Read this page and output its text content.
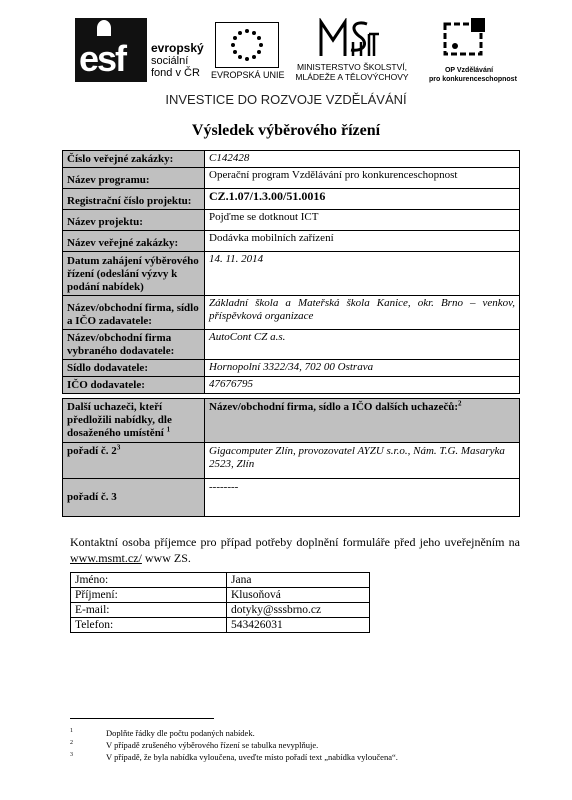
esf evropský
sociální
fond v ČR	EVROPSKÁ UNIE
MINISTERSTVO ŠKOLSTVÍ,
MLÁDEŽE A TĚLOVÝCHOVY
OP Vzdělávání
pro konkurenceschopnost
INVESTICE DO ROZVOJE VZDĚLÁVÁNÍ
Výsledek výběrového řízení
Číslo veřejné zakázky:	C142428
Název programu:	Operační program Vzdělávání pro konkurenceschopnost
Registrační číslo projektu:	CZ.1.07/1.3.00/51.0016
Název projektu:	Pojďme se dotknout ICT
Název veřejné zakázky:	Dodávka mobilních zařízení
Datum zahájení výběrového řízení (odeslání výzvy k podání nabídek)	14. 11. 2014
Název/obchodní firma, sídlo a IČO zadavatele:	Základní škola a Mateřská škola Kanice, okr. Brno – venkov, příspěvková organizace
Název/obchodní firma vybraného dodavatele:	AutoCont CZ a.s.
Sídlo dodavatele:	Hornopolní 3322/34, 702 00 Ostrava
IČO dodavatele:	47676795
Další uchazeči, kteří předložili nabídky, dle dosaženého umístění $^1$	Název/obchodní firma, sídlo a IČO dalších uchazečů:$^2$
pořadí č. $2^3$	Gigacomputer Zlín, provozovatel AYZU s.r.o., Nám. T.G. Masaryka 2523, Zlín
pořadí č. 3	--------
Kontaktní osoba příjemce pro případ potřeby doplnění formuláře před jeho uveřejněním na www.msmt.cz/ www ZS.
Jméno:	Jana
Příjmení:	Klusoňová
E-mail:	dotyky@sssbrno.cz
Telefon:	543426031
1	Doplňte řádky dle počtu podaných nabídek.
2	V případě zrušeného výběrového řízení se tabulka nevyplňuje.
3	V případě, že byla nabídka vyloučena, uveďte místo pořadí text „nabídka vyloučena“.
